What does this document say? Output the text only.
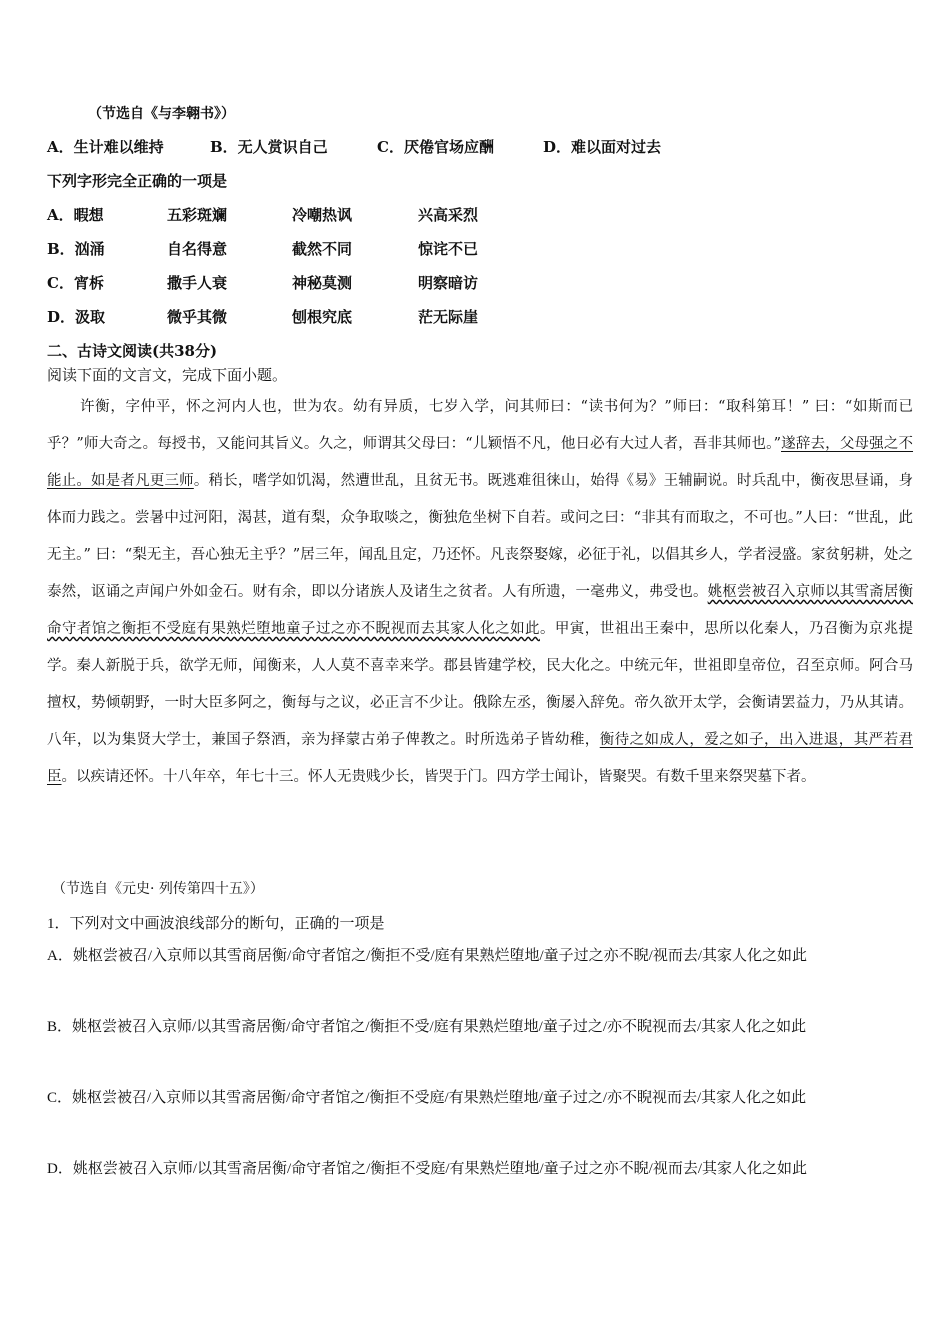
（节选自《与李翱书》）
A．生计难以维持	B．无人赏识自己	C．厌倦官场应酬	D．难以面对过去
下列字形完全正确的一项是
A．暇想	五彩斑斓	冷嘲热讽	兴高采烈
B．汹涌	自名得意	截然不同	惊诧不已
C．宵柝	撒手人衰	神秘莫测	明察暗访
D．汲取	微乎其微	刨根究底	茫无际崖
二、古诗文阅读(共38分)
阅读下面的文言文，完成下面小题。
许衡，字仲平，怀之河内人也，世为农。幼有异质，七岁入学，问其师曰：“读书何为？”师曰：“取科第耳！” 曰：“如斯而已乎？”师大奇之。每授书，又能问其旨义。久之，师谓其父母曰：“儿颖悟不凡，他日必有大过人者，吾非其师也。”遂辞去，父母强之不能止。如是者凡更三师。稍长，嗜学如饥渴，然遭世乱，且贫无书。既逃难徂徕山，始得《易》王辅嗣说。时兵乱中，衡夜思昼诵，身体而力践之。尝暑中过河阳，渴甚，道有梨，众争取啖之，衡独危坐树下自若。或问之曰：“非其有而取之，不可也。”人曰：“世乱，此无主。” 曰：“梨无主，吾心独无主乎？”居三年，闻乱且定，乃还怀。凡丧祭娶嫁，必征于礼，以倡其乡人，学者浸盛。家贫躬耕，处之泰然，讴诵之声闻户外如金石。财有余，即以分诸族人及诸生之贫者。人有所遗，一毫弗义，弗受也。姚枢尝被召入京师以其雪斋居衡命守者馆之衡拒不受庭有果熟烂堕地童子过之亦不睨视而去其家人化之如此。甲寅，世祖出王秦中，思所以化秦人，乃召衡为京兆提学。秦人新脱于兵，欲学无师，闻衡来，人人莫不喜幸来学。郡县皆建学校，民大化之。中统元年，世祖即皇帝位，召至京师。阿合马擅权，势倾朝野，一时大臣多阿之，衡每与之议，必正言不少让。俄除左丞，衡屡入辞免。帝久欲开太学，会衡请罢益力，乃从其请。八年，以为集贤大学士，兼国子祭酒，亲为择蒙古弟子俾教之。时所选弟子皆幼稚，衡待之如成人，爱之如子，出入进退，其严若君臣。以疾请还怀。十八年卒，年七十三。怀人无贵贱少长，皆哭于门。四方学士闻讣，皆聚哭。有数千里来祭哭墓下者。
（节选自《元史· 列传第四十五》）
1．下列对文中画波浪线部分的断句，正确的一项是
A．姚枢尝被召/入京师以其雪商居衡/命守者馆之/衡拒不受/庭有果熟烂堕地/童子过之亦不睨/视而去/其家人化之如此
B．姚枢尝被召入京师/以其雪斋居衡/命守者馆之/衡拒不受/庭有果熟烂堕地/童子过之/亦不睨视而去/其家人化之如此
C．姚枢尝被召/入京师以其雪斋居衡/命守者馆之/衡拒不受庭/有果熟烂堕地/童子过之/亦不睨视而去/其家人化之如此
D．姚枢尝被召入京师/以其雪斋居衡/命守者馆之/衡拒不受庭/有果熟烂堕地/童子过之亦不睨/视而去/其家人化之如此
